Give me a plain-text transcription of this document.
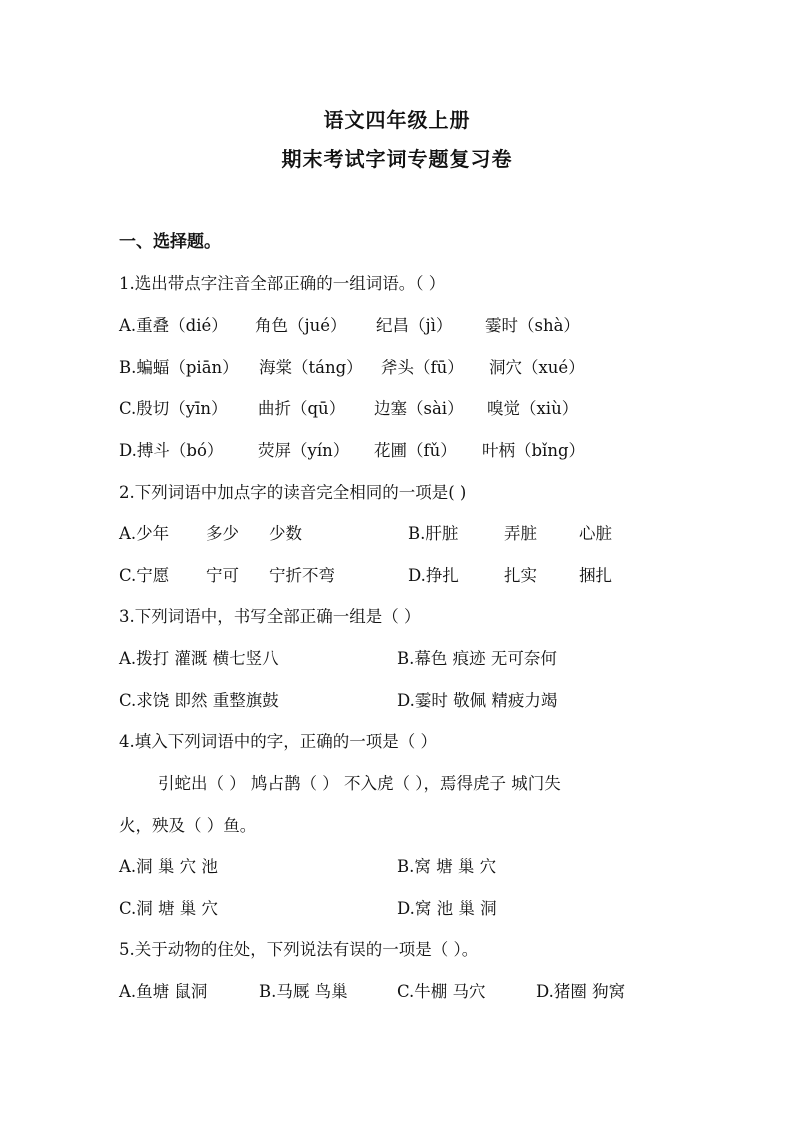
语文四年级上册
期末考试字词专题复习卷
一、选择题。
1.选出带点字注音全部正确的一组词语。（ ）
A.重叠（dié） 角色（jué） 纪昌（jì） 霎时（shà）
B.蝙蝠（piān） 海棠（táng） 斧头（fū） 洞穴（xué）
C.殷切（yīn） 曲折（qū） 边塞（sài） 嗅觉（xiù）
D.搏斗（bó） 荧屏（yín） 花圃（fǔ） 叶柄（bǐng）
2.下列词语中加点字的读音完全相同的一项是( )
A.少年 多少 少数	B.肝脏	弄脏	心脏
C.宁愿 宁可 宁折不弯	D.挣扎	扎实	捆扎
3.下列词语中，书写全部正确一组是（ ）
A.拨打 灌溉 横七竖八	B.幕色 痕迹 无可奈何
C.求饶 即然 重整旗鼓	D.霎时 敬佩 精疲力竭
4.填入下列词语中的字，正确的一项是（ ）
引蛇出（ ） 鸠占鹊（ ） 不入虎（ ），焉得虎子 城门失
火，殃及（ ）鱼。
A.洞 巢 穴 池	B.窝 塘 巢 穴
C.洞 塘 巢 穴	D.窝 池 巢 洞
5.关于动物的住处，下列说法有误的一项是（ ）。
A.鱼塘 鼠洞	B.马厩 鸟巢	C.牛棚 马穴	D.猪圈 狗窝
